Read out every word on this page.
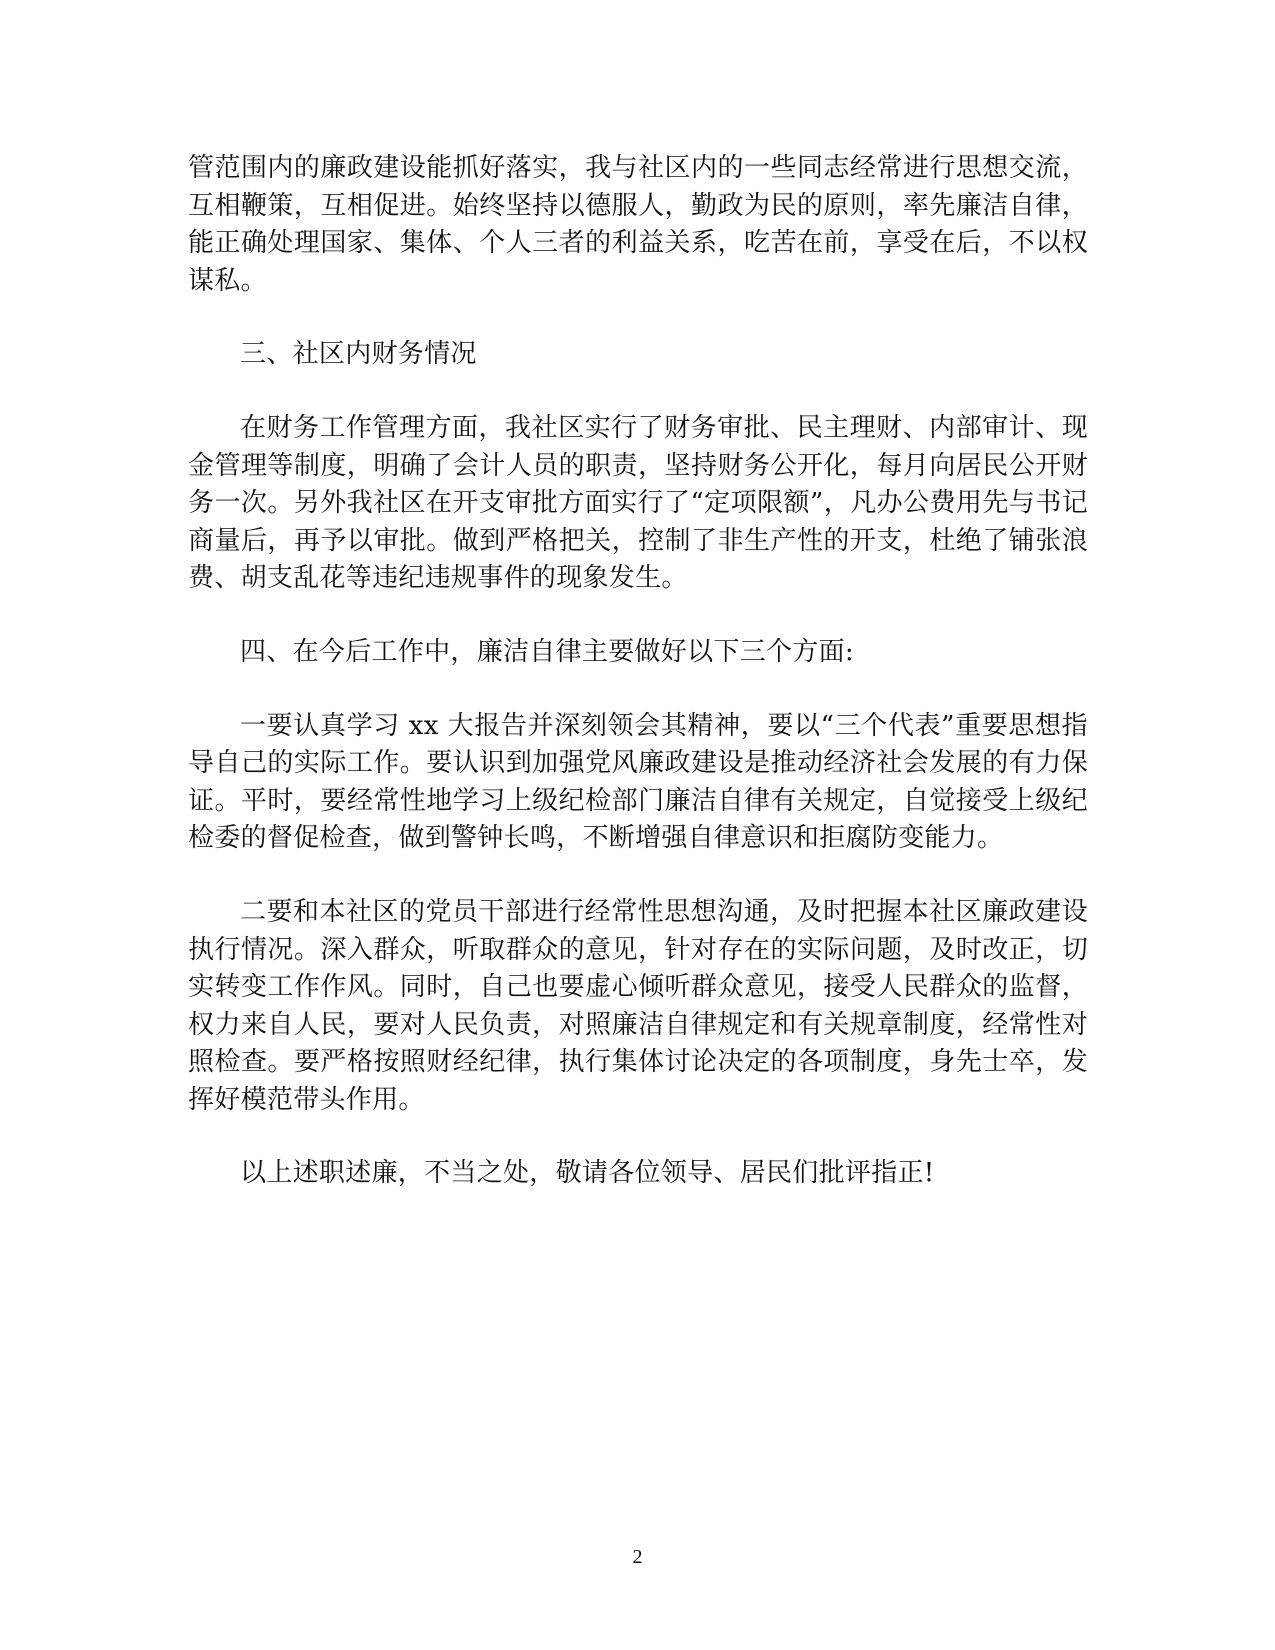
管范围内的廉政建设能抓好落实，我与社区内的一些同志经常进行思想交流，互相鞭策，互相促进。始终坚持以德服人，勤政为民的原则，率先廉洁自律，能正确处理国家、集体、个人三者的利益关系，吃苦在前，享受在后，不以权谋私。

三、社区内财务情况

在财务工作管理方面，我社区实行了财务审批、民主理财、内部审计、现金管理等制度，明确了会计人员的职责，坚持财务公开化，每月向居民公开财务一次。另外我社区在开支审批方面实行了“定项限额”，凡办公费用先与书记商量后，再予以审批。做到严格把关，控制了非生产性的开支，杜绝了铺张浪费、胡支乱花等违纪违规事件的现象发生。

四、在今后工作中，廉洁自律主要做好以下三个方面:

一要认真学习 xx 大报告并深刻领会其精神，要以“三个代表”重要思想指导自己的实际工作。要认识到加强党风廉政建设是推动经济社会发展的有力保证。平时，要经常性地学习上级纪检部门廉洁自律有关规定，自觉接受上级纪检委的督促检查，做到警钟长鸣，不断增强自律意识和拒腐防变能力。

二要和本社区的党员干部进行经常性思想沟通，及时把握本社区廉政建设执行情况。深入群众，听取群众的意见，针对存在的实际问题，及时改正，切实转变工作作风。同时，自己也要虚心倾听群众意见，接受人民群众的监督，权力来自人民，要对人民负责，对照廉洁自律规定和有关规章制度，经常性对照检查。要严格按照财经纪律，执行集体讨论决定的各项制度，身先士卒，发挥好模范带头作用。

以上述职述廉，不当之处，敬请各位领导、居民们批评指正!

2
